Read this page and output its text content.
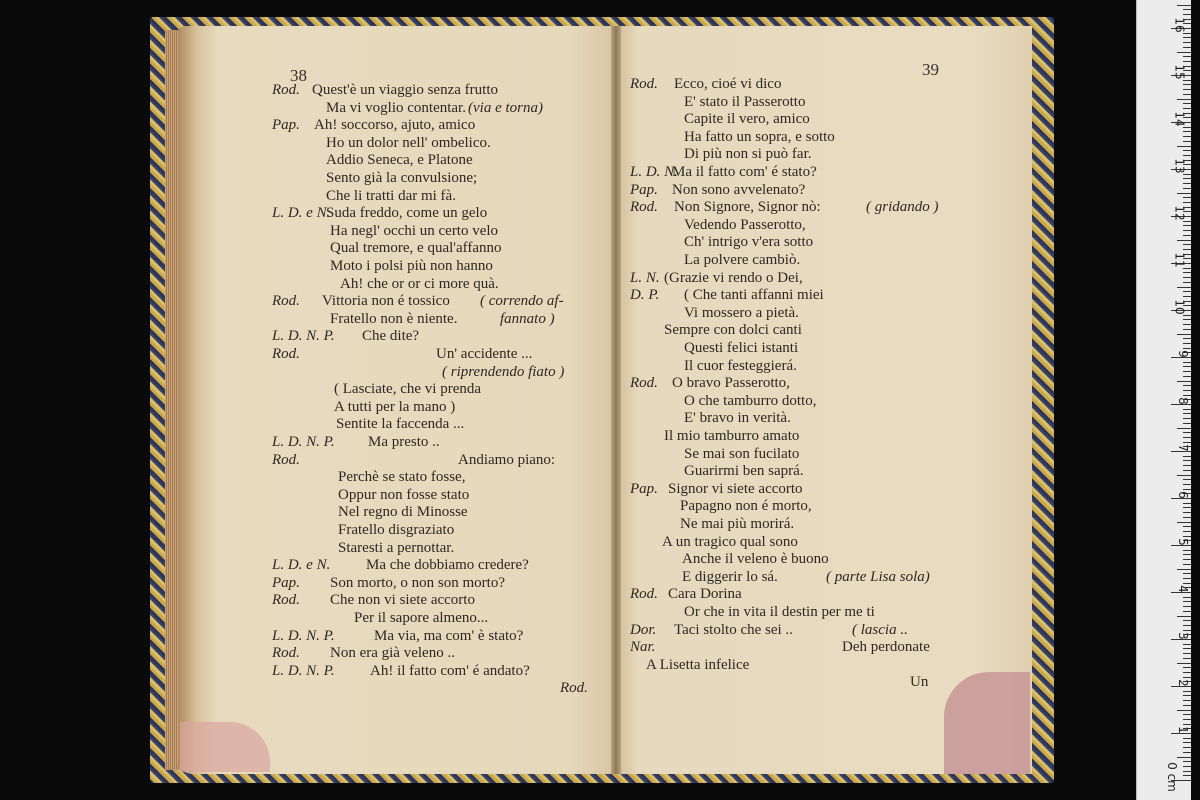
38	39
Rod. Quest'è un viaggio senza frutto
Ma vi voglio contentar. (via e torna)
Pap. Ah! soccorso, ajuto, amico
Ho un dolor nell' ombelico.
Addio Seneca, e Platone
Sento già la convulsione;
Che li tratti dar mi fà.
L. D. e N.
Suda freddo, come un gelo
Ha negl' occhi un certo velo
Qual tremore, e qual'affanno
Moto i polsi più non hanno
Ah! che or or ci more quà.
Rod. Vittoria non é tossico ( correndo af-
Fratello non è niente.	fannato )
L. D. N. P. Che dite?
Rod.	Un' accidente ...
( riprendendo fiato )
( Lasciate, che vi prenda
A tutti per la mano )
Sentite la faccenda ...
L. D. N. P. Ma presto ..
Rod.	Andiamo piano:
Perchè se stato fosse,
Oppur non fosse stato
Nel regno di Minosse
Fratello disgraziato
Staresti a pernottar.
L. D. e N. Ma che dobbiamo credere?
Pap. Son morto, o non son morto?
Rod. Che non vi siete accorto
Per il sapore almeno...
L. D. N. P.	Ma via, ma com' è stato?
Rod. Non era già veleno ..
L. D. N. P. Ah! il fatto com' é andato?
Rod.
Rod. Ecco, cioé vi dico
E' stato il Passerotto
Capite il vero, amico
Ha fatto un sopra, e sotto
Di più non si può far.
L. D. N.
Ma il fatto com' é stato?
Pap. Non sono avvelenato?
Rod. Non Signore, Signor nò:	( gridando )
Vedendo Passerotto,
Ch' intrigo v'era sotto
La polvere cambiò.
L. N. (Grazie vi rendo o Dei,
D. P. ( Che tanti affanni miei
Vi mossero a pietà.
Sempre con dolci canti
Questi felici istanti
Il cuor festeggierá.
Rod. O bravo Passerotto,
O che tamburro dotto,
E' bravo in verità.
Il mio tamburro amato
Se mai son fucilato
Guarirmi ben saprá.
Pap. Signor vi siete accorto
Papagno non é morto,
Ne mai più morirá.
A un tragico qual sono
Anche il veleno è buono
E diggerir lo sá.	( parte Lisa sola)
Rod. Cara Dorina
Or che in vita il destin per me ti
Dor. Taci stolto che sei ..	( lascia ..
Nar.	Deh perdonate
A Lisetta infelice
Un
0 cm
1
2
3
4
5
6
7
8
9
10
11
12
13
14
15
16
